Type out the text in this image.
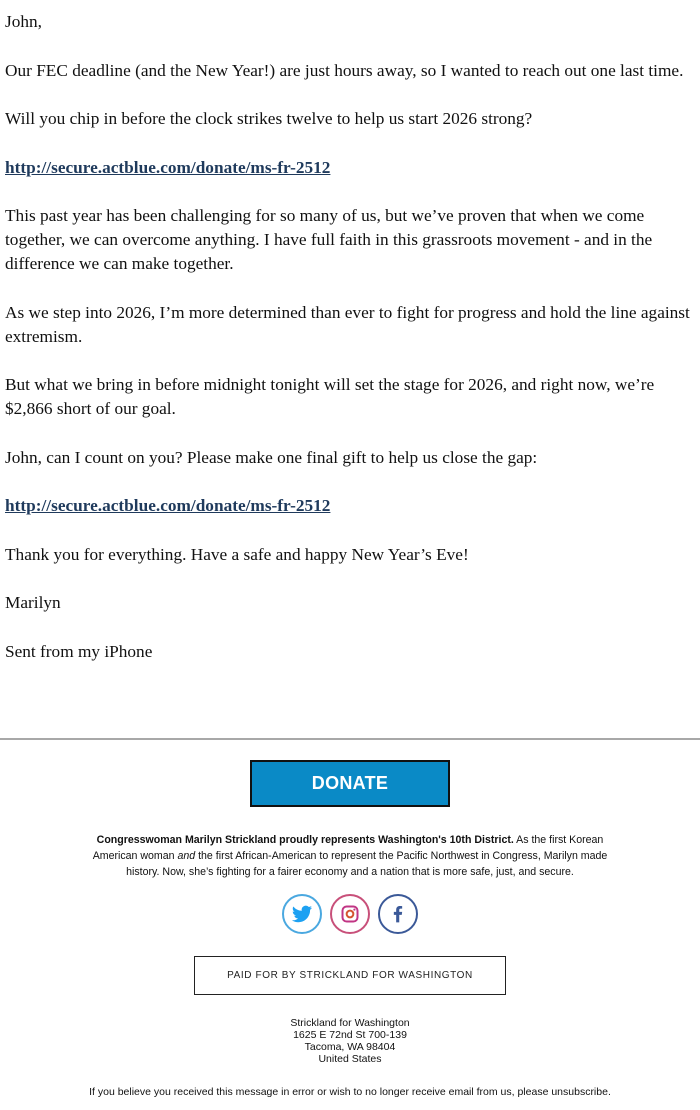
John,

Our FEC deadline (and the New Year!) are just hours away, so I wanted to reach out one last time.

Will you chip in before the clock strikes twelve to help us start 2026 strong?

http://secure.actblue.com/donate/ms-fr-2512

This past year has been challenging for so many of us, but we’ve proven that when we come together, we can overcome anything. I have full faith in this grassroots movement - and in the difference we can make together.

As we step into 2026, I’m more determined than ever to fight for progress and hold the line against extremism.

But what we bring in before midnight tonight will set the stage for 2026, and right now, we’re $2,866 short of our goal.

John, can I count on you? Please make one final gift to help us close the gap:

http://secure.actblue.com/donate/ms-fr-2512

Thank you for everything. Have a safe and happy New Year’s Eve!

Marilyn

Sent from my iPhone

DONATE
Congresswoman Marilyn Strickland proudly represents Washington's 10th District. As the first Korean American woman and the first African-American to represent the Pacific Northwest in Congress, Marilyn made history. Now, she’s fighting for a fairer economy and a nation that is more safe, just, and secure.
PAID FOR BY STRICKLAND FOR WASHINGTON
Strickland for Washington
1625 E 72nd St 700-139
Tacoma, WA 98404
United States
If you believe you received this message in error or wish to no longer receive email from us, please unsubscribe.
